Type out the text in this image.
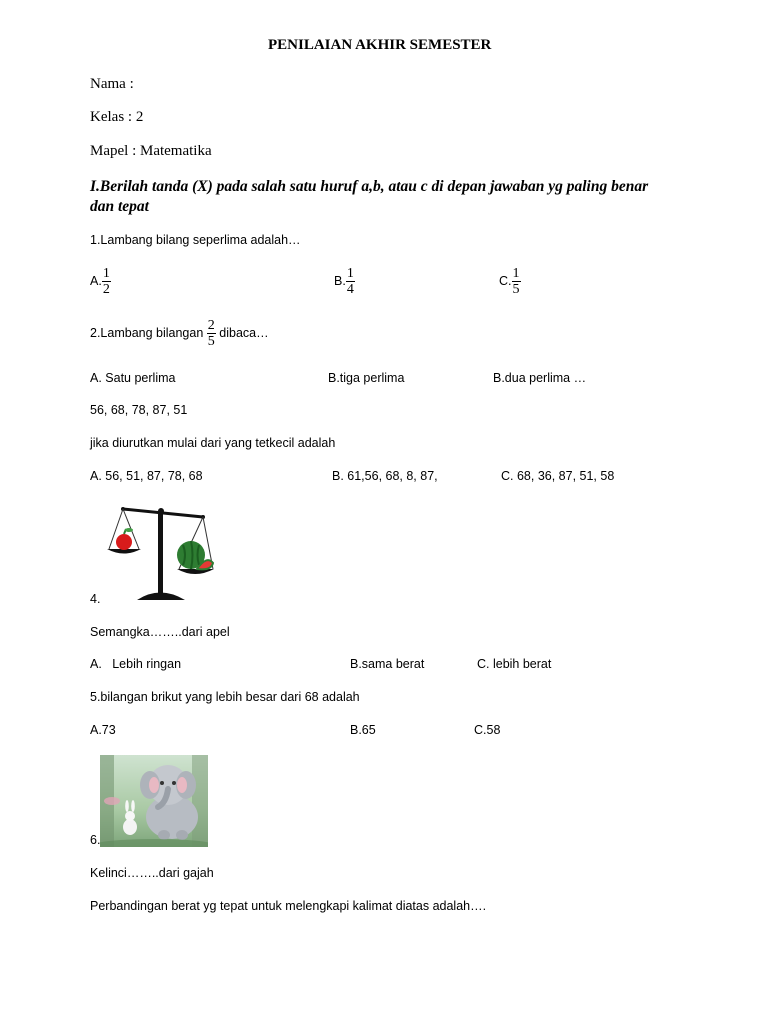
PENILAIAN AKHIR SEMESTER
Nama :
Kelas : 2
Mapel : Matematika
I.Berilah tanda (X) pada salah satu huruf a,b, atau c di depan jawaban yg paling benar dan tepat
1.Lambang bilang seperlima adalah…
A. $\frac{1}{2}$	B. $\frac{1}{4}$	C. $\frac{1}{5}$
2.Lambang bilangan $\frac{2}{5}$ dibaca…
A. Satu perlima	B.tiga perlima	B.dua perlima …
56, 68, 78, 87, 51
jika diurutkan mulai dari yang tetkecil adalah
A. 56, 51, 87, 78, 68	B. 61,56, 68, 8, 87,	C. 68, 36, 87, 51, 58
4.
Semangka……..dari apel
A.   Lebih ringan	B.sama berat	C. lebih berat
5.bilangan brikut yang lebih besar dari 68 adalah
A.73	B.65	C.58
6.
Kelinci……..dari gajah
Perbandingan berat yg tepat untuk melengkapi kalimat diatas adalah….
